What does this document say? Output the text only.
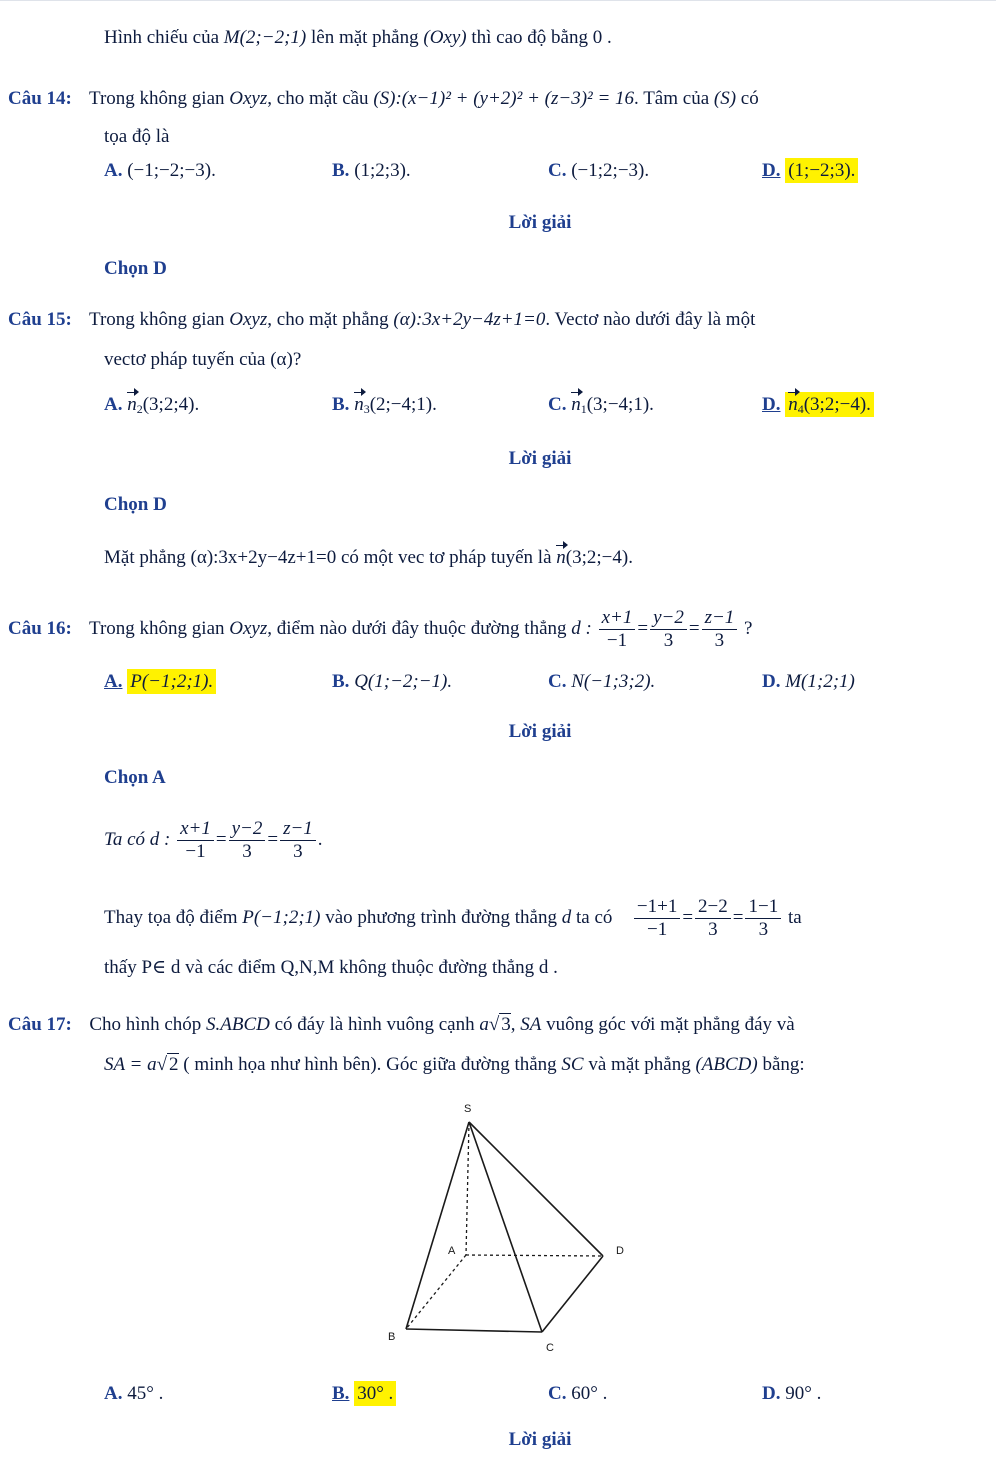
Hình chiếu của M(2;−2;1) lên mặt phẳng (Oxy) thì cao độ bằng 0 .
Câu 14: Trong không gian Oxyz, cho mặt cầu (S):(x−1)² + (y+2)² + (z−3)² = 16. Tâm của (S) có
tọa độ là
A. (−1;−2;−3).	B. (1;2;3).	C. (−1;2;−3).	D. (1;−2;3).
Lời giải
Chọn D
Câu 15: Trong không gian Oxyz, cho mặt phẳng (α):3x+2y−4z+1=0. Vectơ nào dưới đây là một
vectơ pháp tuyến của (α)?
A. $n_2(3;2;4)$.	B. $n_3(2;-4;1)$.	C. $n_1(3;-4;1)$.	D. $n_4(3;2;-4)$.
Lời giải
Chọn D
Mặt phẳng (α):3x+2y−4z+1=0 có một vec tơ pháp tuyến là n(3;2;−4).
Câu 16: Trong không gian Oxyz, điểm nào dưới đây thuộc đường thẳng d : $\frac{x+1}{-1} = \frac{y-2}{3} = \frac{z-1}{3}$ ?
A. P(−1;2;1).	B. Q(1;−2;−1).	C. N(−1;3;2).	D. M(1;2;1)
Lời giải
Chọn A
Ta có d : $\frac{x+1}{-1} = \frac{y-2}{3} = \frac{z-1}{3}$ .
Thay tọa độ điểm P(−1;2;1) vào phương trình đường thẳng d ta có $\frac{-1+1}{-1} = \frac{2-2}{3} = \frac{1-1}{3}$ ta
thấy P∈ d và các điểm Q,N,M không thuộc đường thẳng d .
Câu 17: Cho hình chóp S.ABCD có đáy là hình vuông cạnh a√ 3, SA vuông góc với mặt phẳng đáy và
SA = a√ 2 ( minh họa như hình bên). Góc giữa đường thẳng SC và mặt phẳng (ABCD) bằng:
S
A
B
C
D
A. 45° .	B. 30° .	C. 60° .	D. 90° .
Lời giải
